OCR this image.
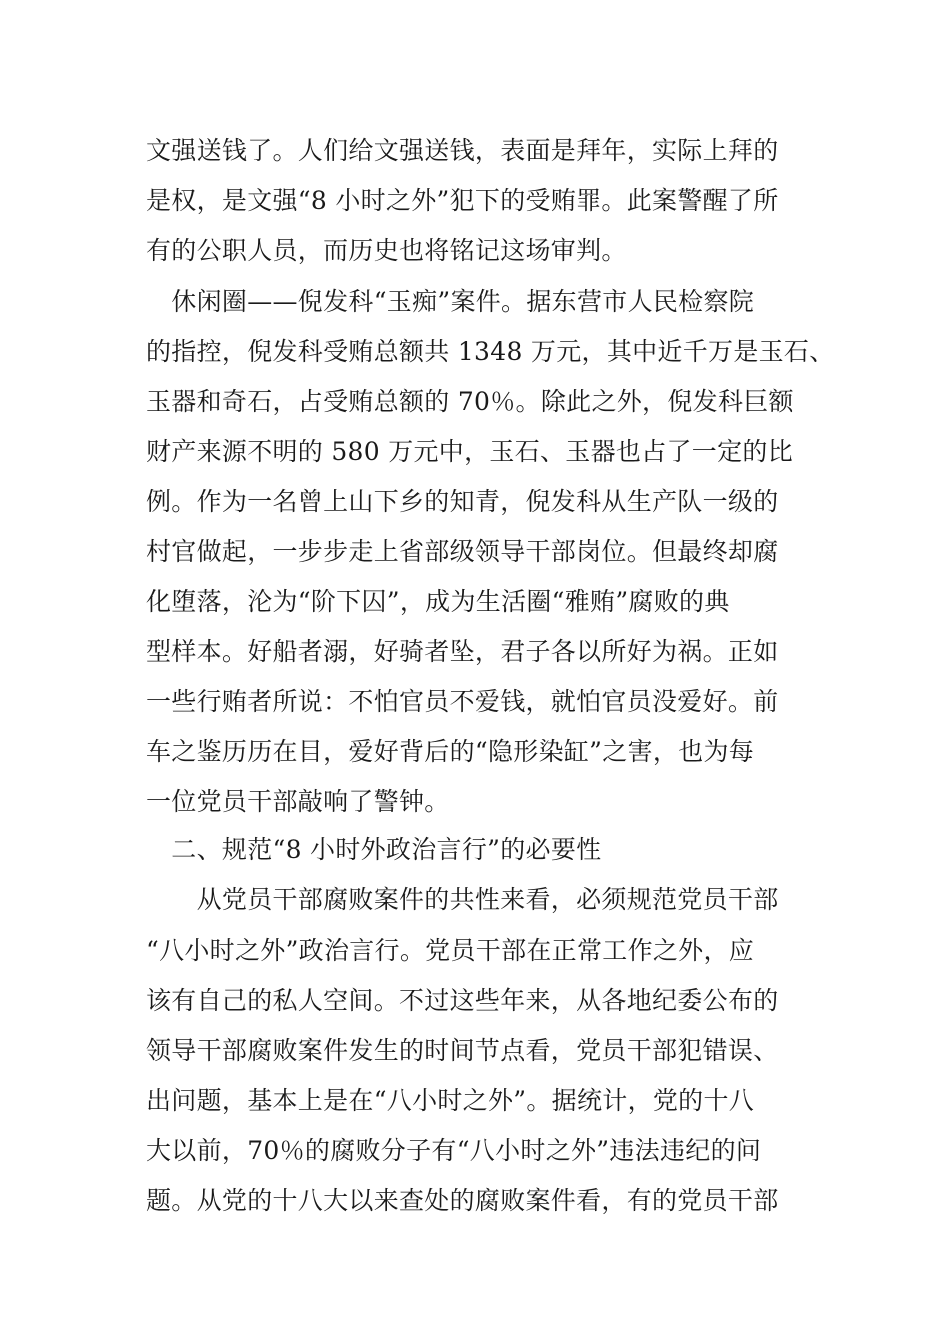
文强送钱了。人们给文强送钱，表面是拜年，实际上拜的
是权，是文强“8 小时之外”犯下的受贿罪。此案警醒了所
有的公职人员，而历史也将铭记这场审判。
　休闲圈——倪发科“玉痴”案件。据东营市人民检察院
的指控，倪发科受贿总额共 1348 万元，其中近千万是玉石、
玉器和奇石，占受贿总额的 70％。除此之外，倪发科巨额
财产来源不明的 580 万元中，玉石、玉器也占了一定的比
例。作为一名曾上山下乡的知青，倪发科从生产队一级的
村官做起，一步步走上省部级领导干部岗位。但最终却腐
化堕落，沦为“阶下囚”，成为生活圈“雅贿”腐败的典
型样本。好船者溺，好骑者坠，君子各以所好为祸。正如
一些行贿者所说：不怕官员不爱钱，就怕官员没爱好。前
车之鉴历历在目，爱好背后的“隐形染缸”之害，也为每
一位党员干部敲响了警钟。
　二、规范“8 小时外政治言行”的必要性
　　从党员干部腐败案件的共性来看，必须规范党员干部
“八小时之外”政治言行。党员干部在正常工作之外，应
该有自己的私人空间。不过这些年来，从各地纪委公布的
领导干部腐败案件发生的时间节点看，党员干部犯错误、
出问题，基本上是在“八小时之外”。据统计，党的十八
大以前，70％的腐败分子有“八小时之外”违法违纪的问
题。从党的十八大以来查处的腐败案件看，有的党员干部
